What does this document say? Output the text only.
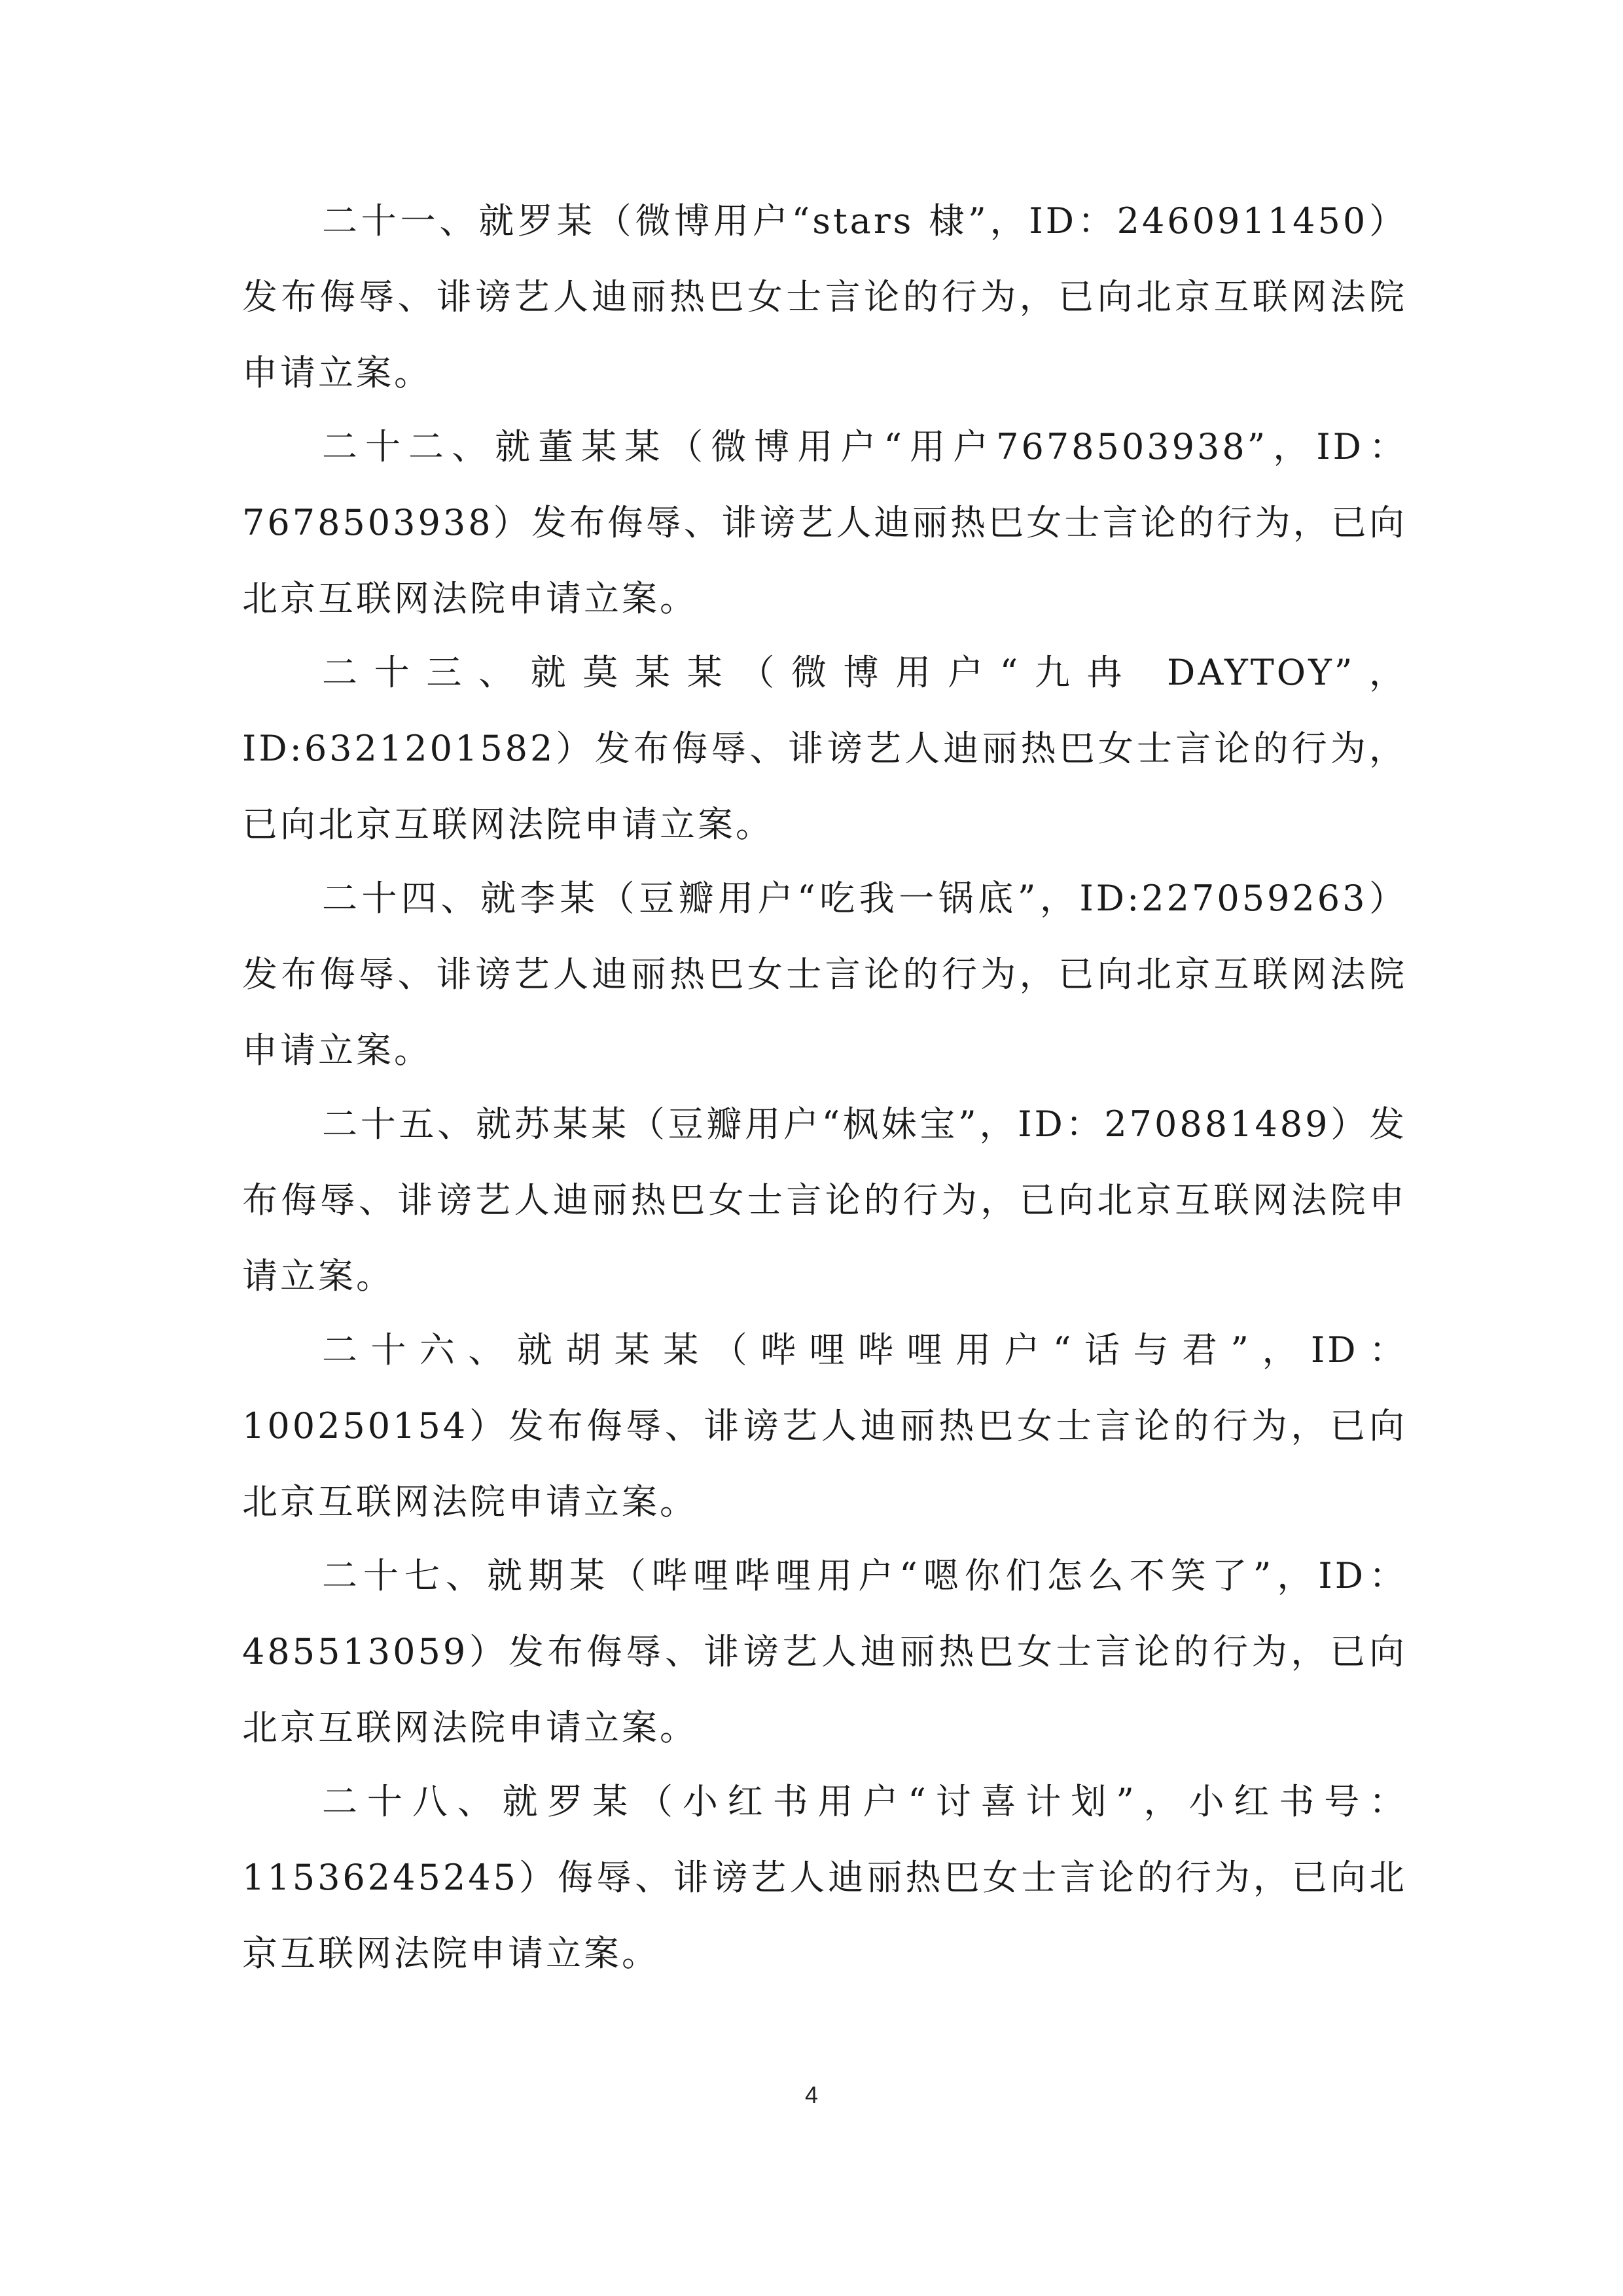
二十一、就罗某（微博用户“stars 棣”，ID：2460911450）发布侮辱、诽谤艺人迪丽热巴女士言论的行为，已向北京互联网法院申请立案。

二十二、就董某某（微博用户“用户7678503938”，ID：7678503938）发布侮辱、诽谤艺人迪丽热巴女士言论的行为，已向北京互联网法院申请立案。

二十三、就莫某某（微博用户“九冉 DAYTOY”，ID:6321201582）发布侮辱、诽谤艺人迪丽热巴女士言论的行为，已向北京互联网法院申请立案。

二十四、就李某（豆瓣用户“吃我一锅底”，ID:227059263）发布侮辱、诽谤艺人迪丽热巴女士言论的行为，已向北京互联网法院申请立案。

二十五、就苏某某（豆瓣用户“枫妹宝”，ID：270881489）发布侮辱、诽谤艺人迪丽热巴女士言论的行为，已向北京互联网法院申请立案。

二十六、就胡某某（哔哩哔哩用户“话与君”，ID：100250154）发布侮辱、诽谤艺人迪丽热巴女士言论的行为，已向北京互联网法院申请立案。

二十七、就期某（哔哩哔哩用户“嗯你们怎么不笑了”，ID：485513059）发布侮辱、诽谤艺人迪丽热巴女士言论的行为，已向北京互联网法院申请立案。

二十八、就罗某（小红书用户“讨喜计划”，小红书号：11536245245）侮辱、诽谤艺人迪丽热巴女士言论的行为，已向北京互联网法院申请立案。

4
